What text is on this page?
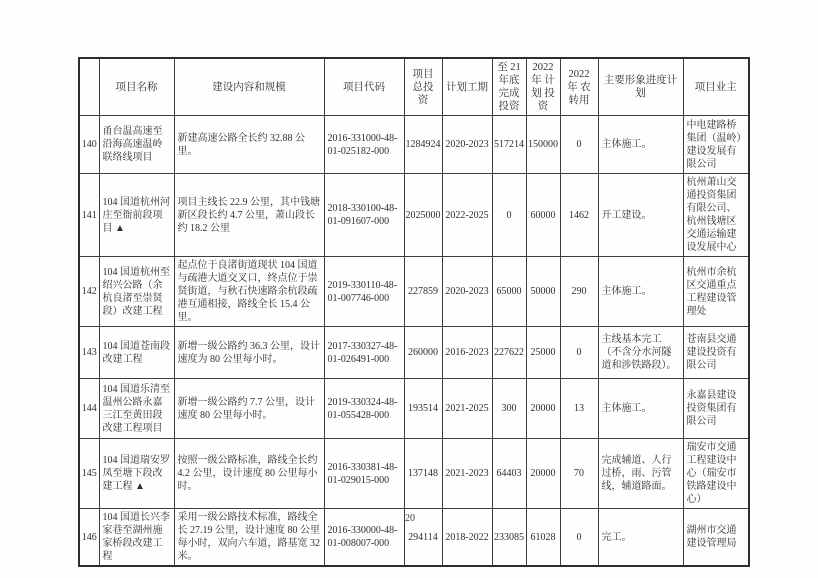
	项目名称	建设内容和规模	项目代码	项目 总投资	计划工期	至 21 年底完成投资	2022 年 计划 投资	2022 年 农转用	主要形象进度计划	项目业主
140	甬台温高速至沿海高速温岭联络线项目	新建高速公路全长约 32.88 公里。	2016-331000-48-01-025182-000	1284924	2020-2023	517214	150000	0	主体施工。	中电建路桥集团（温岭）建设发展有限公司
141	104 国道杭州河庄至衙前段项目 ▲	项目主线长 22.9 公里，其中钱塘新区段长约 4.7 公里，萧山段长约 18.2 公里	2018-330100-48-01-091607-000	2025000	2022-2025	0	60000	1462	开工建设。	杭州萧山交通投资集团有限公司、杭州钱塘区交通运输建设发展中心
142	104 国道杭州至绍兴公路（余杭良渚至崇贤段）改建工程	起点位于良渚街道现状 104 国道与疏港大道交叉口，终点位于崇贤街道，与秋石快速路余杭段疏港互通相接，路线全长 15.4 公里。	2019-330110-48-01-007746-000	227859	2020-2023	65000	50000	290	主体施工。	杭州市余杭区交通重点工程建设管理处
143	104 国道苍南段改建工程	新增一级公路约 36.3 公里，设计速度为 80 公里每小时。	2017-330327-48-01-026491-000	260000	2016-2023	227622	25000	0	主线基本完工（不含分水河隧道和涉铁路段）。	苍南县交通建设投资有限公司
144	104 国道乐清至温州公路永嘉三江至黄田段改建工程项目	新增一级公路约 7.7 公里，设计速度 80 公里每小时。	2019-330324-48-01-055428-000	193514	2021-2025	300	20000	13	主体施工。	永嘉县建设投资集团有限公司
145	104 国道瑞安罗凤至塘下段改建工程 ▲	按照一级公路标准，路线全长约 4.2 公里，设计速度 80 公里每小时。	2016-330381-48-01-029015-000	137148	2021-2023	64403	20000	70	完成辅道、人行过桥，雨、污管线，辅道路面。	瑞安市交通工程建设中心（瑞安市铁路建设中心）
146	104 国道长兴李家巷至湖州施家桥段改建工程	采用一级公路技术标准，路线全长 27.19 公里，设计速度 80 公里每小时，双向六车道，路基宽 32 米。	2016-330000-48-01-008007-000	294114	2018-2022	233085	61028	0	完工。	湖州市交通建设管理局
20
